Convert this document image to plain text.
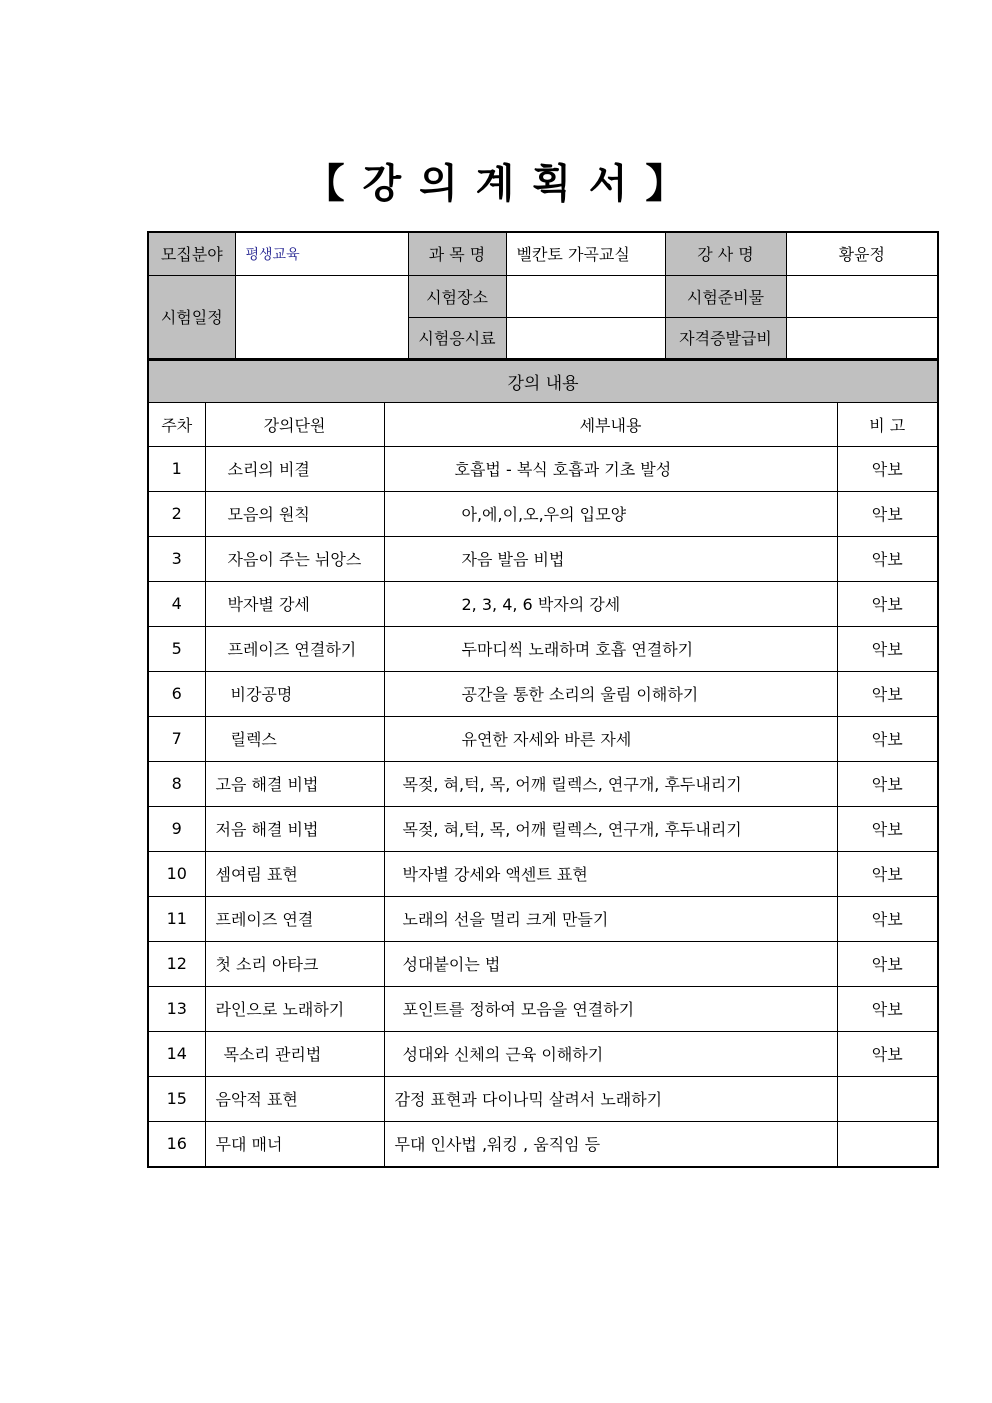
【 강 의 계 획 서 】
모집분야	평생교육	과 목 명	벨칸토 가곡교실	강 사 명	황윤정
시험일정		시험장소		시험준비물	
		시험응시료		자격증발급비	
강의 내용			
주차	강의단원	세부내용	비 고
1	소리의 비결	호흡법 - 복식 호흡과 기초 발성	악보
2	모음의 원칙	아,에,이,오,우의 입모양	악보
3	자음이 주는 뉘앙스	자음 발음 비법	악보
4	박자별 강세	2, 3, 4, 6 박자의 강세	악보
5	프레이즈 연결하기	두마디씩 노래하며 호흡 연결하기	악보
6	비강공명	공간을 통한 소리의 울림 이해하기	악보
7	릴렉스	유연한 자세와 바른 자세	악보
8	고음 해결 비법	목젖, 혀,턱, 목, 어깨 릴렉스, 연구개, 후두내리기	악보
9	저음 해결 비법	목젖, 혀,턱, 목, 어깨 릴렉스, 연구개, 후두내리기	악보
10	셈여림 표현	박자별 강세와 액센트 표현	악보
11	프레이즈 연결	노래의 선을 멀리 크게 만들기	악보
12	첫 소리 아타크	성대붙이는 법	악보
13	라인으로 노래하기	포인트를 정하여 모음을 연결하기	악보
14	목소리 관리법	성대와 신체의 근육 이해하기	악보
15	음악적 표현	감정 표현과 다이나믹 살려서 노래하기	
16	무대 매너	무대 인사법 ,워킹 , 움직임 등	
